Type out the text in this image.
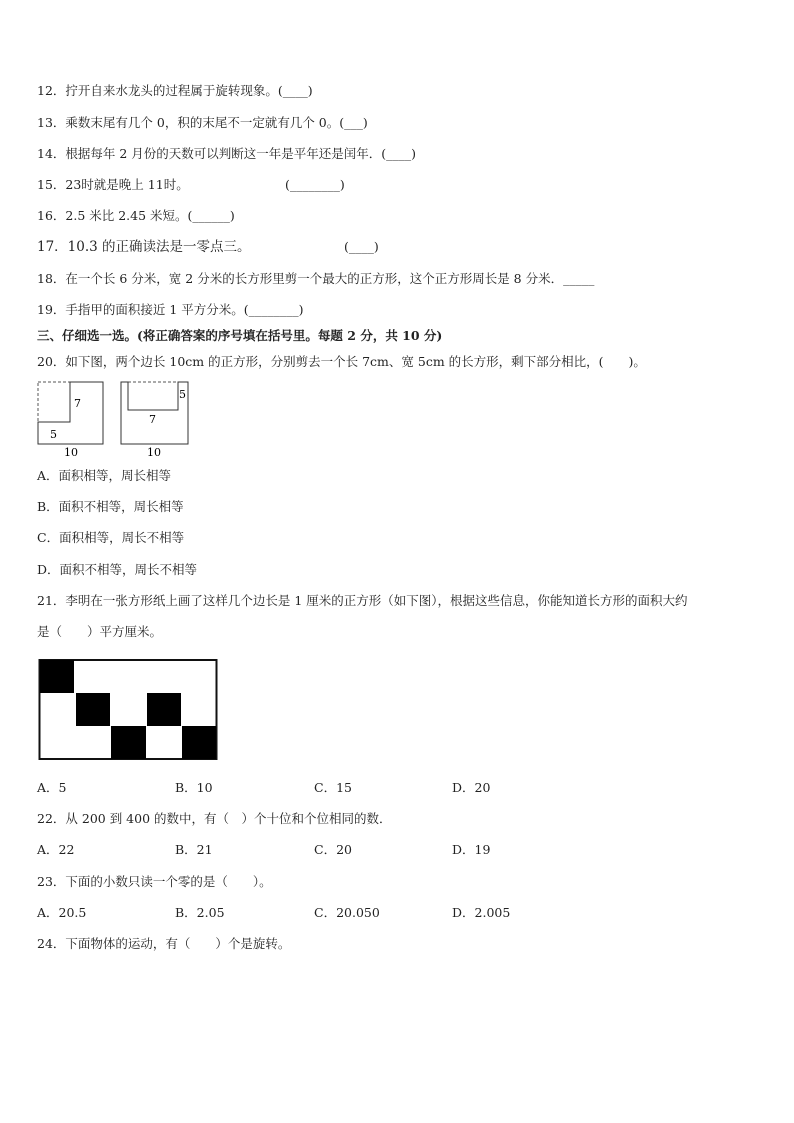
12．拧开自来水龙头的过程属于旋转现象。(____)
13．乘数末尾有几个 0，积的末尾不一定就有几个 0。(___)
14．根据每年 2 月份的天数可以判断这一年是平年还是闰年．(____)
15．23时就是晚上 11时。	(________)
16．2.5 米比 2.45 米短。(______)
17．10.3 的正确读法是一零点三。	(____)
18．在一个长 6 分米，宽 2 分米的长方形里剪一个最大的正方形，这个正方形周长是 8 分米．_____
19．手指甲的面积接近 1 平方分米。(________)
三、仔细选一选。(将正确答案的序号填在括号里。每题 2 分，共 10 分)
20．如下图，两个边长 10cm 的正方形，分别剪去一个长 7cm、宽 5cm 的长方形，剩下部分相比，(　　)。
7
5
10
5
7
10
A．面积相等，周长相等
B．面积不相等，周长相等
C．面积相等，周长不相等
D．面积不相等，周长不相等
21．李明在一张方形纸上画了这样几个边长是 1 厘米的正方形（如下图），根据这些信息，你能知道长方形的面积大约
是（　　）平方厘米。
A．5	B．10	C．15	D．20
22．从 200 到 400 的数中，有（　）个十位和个位相同的数．
A．22	B．21	C．20	D．19
23．下面的小数只读一个零的是（　　）。
A．20.5	B．2.05	C．20.050	D．2.005
24．下面物体的运动，有（　　）个是旋转。
